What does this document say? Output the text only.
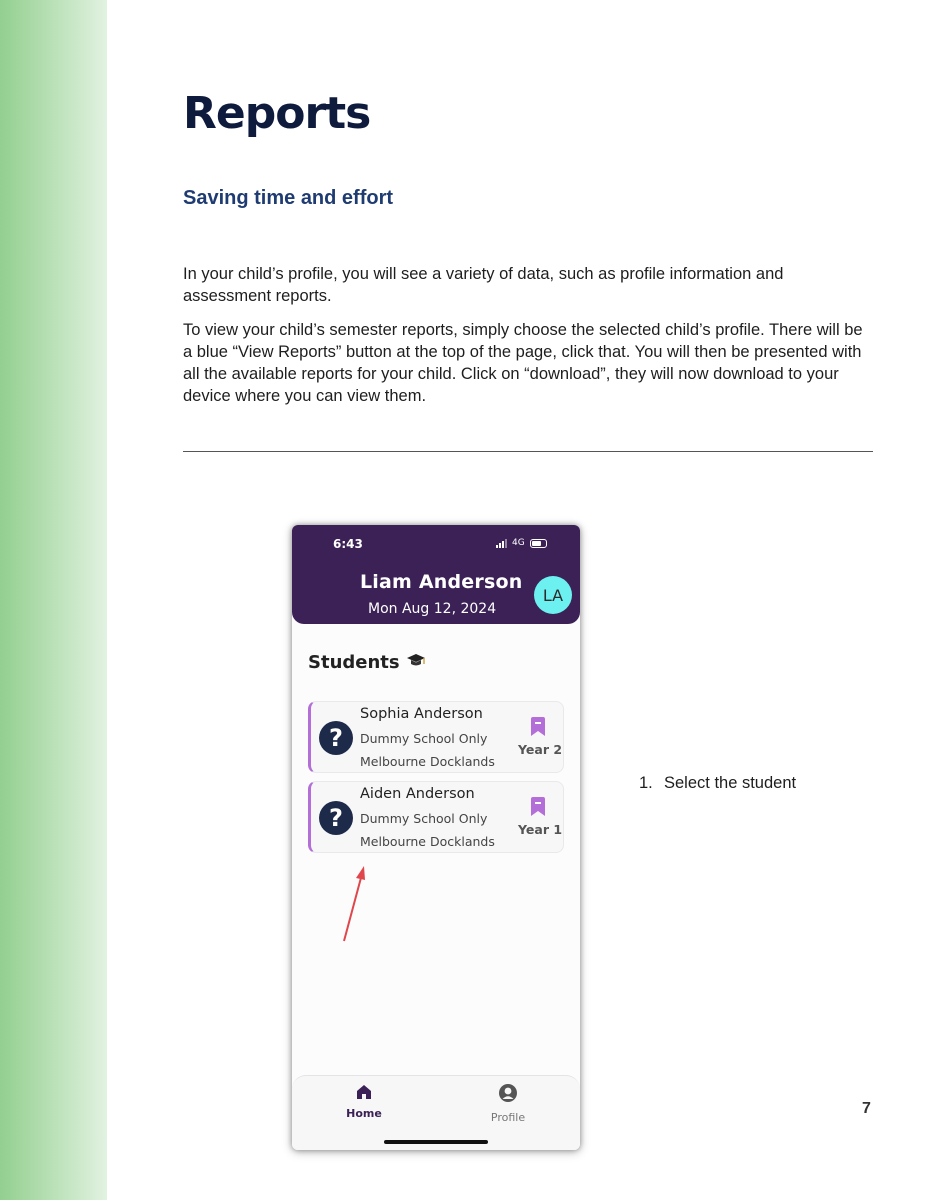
Reports
Saving time and effort

In your child’s profile, you will see a variety of data, such as profile information and assessment reports.

To view your child’s semester reports, simply choose the selected child’s profile. There will be a blue “View Reports” button at the top of the page, click that. You will then be presented with all the available reports for your child. Click on “download”, they will now download to your device where you can view them.

6:43	4G
Liam Anderson
Mon Aug 12, 2024
LA
Students
?
Sophia Anderson
Dummy School Only
Melbourne Docklands
Year 2
?
Aiden Anderson
Dummy School Only
Melbourne Docklands
Year 1
Home	Profile
1. Select the student
7
